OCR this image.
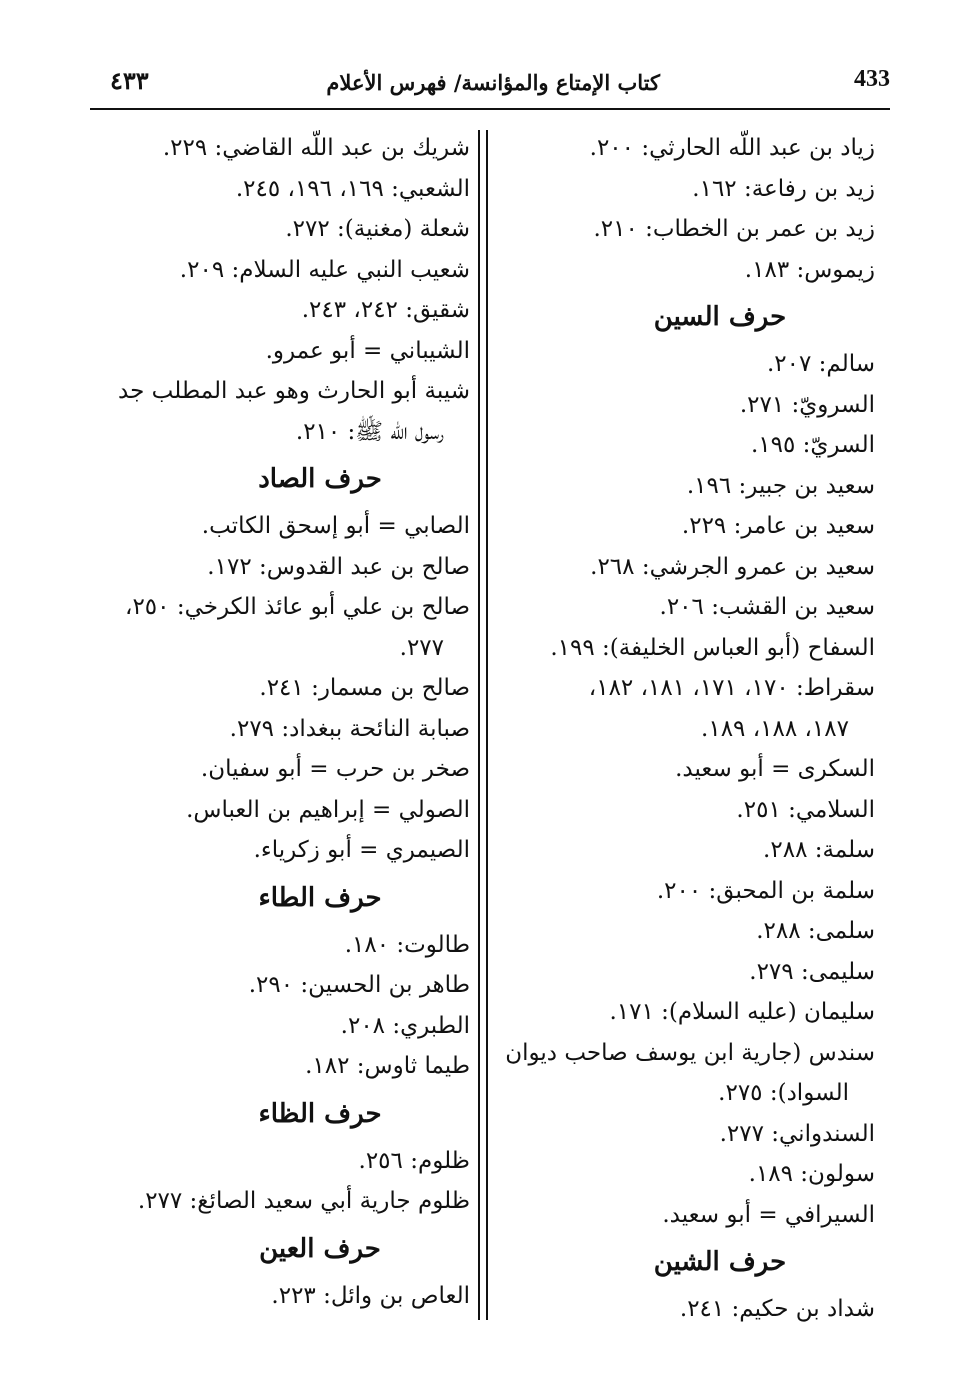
433
كتاب الإمتاع والمؤانسة/ فهرس الأعلام
٤٣٣
زياد بن عبد اللّه الحارثي: ٢٠٠.
زيد بن رفاعة: ١٦٢.
زيد بن عمر بن الخطاب: ٢١٠.
زيموس: ١٨٣.
حرف السين
سالم: ٢٠٧.
السرويّ: ٢٧١.
السريّ: ١٩٥.
سعيد بن جبير: ١٩٦.
سعيد بن عامر: ٢٢٩.
سعيد بن عمرو الجرشي: ٢٦٨.
سعيد بن القشب: ٢٠٦.
السفاح (أبو العباس الخليفة): ١٩٩.
سقراط: ١٧٠، ١٧١، ١٨١، ١٨٢،
١٨٧، ١٨٨، ١٨٩.
السكرى = أبو سعيد.
السلامي: ٢٥١.
سلمة: ٢٨٨.
سلمة بن المحبق: ٢٠٠.
سلمى: ٢٨٨.
سليمى: ٢٧٩.
سليمان (عليه السلام): ١٧١.
سندس (جارية ابن يوسف صاحب ديوان
السواد): ٢٧٥.
السندواني: ٢٧٧.
سولون: ١٨٩.
السيرافي = أبو سعيد.
حرف الشين
شداد بن حكيم: ٢٤١.
شريك بن عبد اللّه القاضي: ٢٢٩.
الشعبي: ١٦٩، ١٩٦، ٢٤٥.
شعلة (مغنية): ٢٧٢.
شعيب النبي عليه السلام: ٢٠٩.
شقيق: ٢٤٢، ٢٤٣.
الشيباني = أبو عمرو.
شيبة أبو الحارث وهو عبد المطلب جد
رسول اللّه ﷺ: ٢١٠.
حرف الصاد
الصابي = أبو إسحق الكاتب.
صالح بن عبد القدوس: ١٧٢.
صالح بن علي أبو عائذ الكرخي: ٢٥٠،
٢٧٧.
صالح بن مسمار: ٢٤١.
صبابة النائحة ببغداد: ٢٧٩.
صخر بن حرب = أبو سفيان.
الصولي = إبراهيم بن العباس.
الصيمري = أبو زكرياء.
حرف الطاء
طالوت: ١٨٠.
طاهر بن الحسين: ٢٩٠.
الطبري: ٢٠٨.
طيما ثاوس: ١٨٢.
حرف الظاء
ظلوم: ٢٥٦.
ظلوم جارية أبي سعيد الصائغ: ٢٧٧.
حرف العين
العاص بن وائل: ٢٢٣.
